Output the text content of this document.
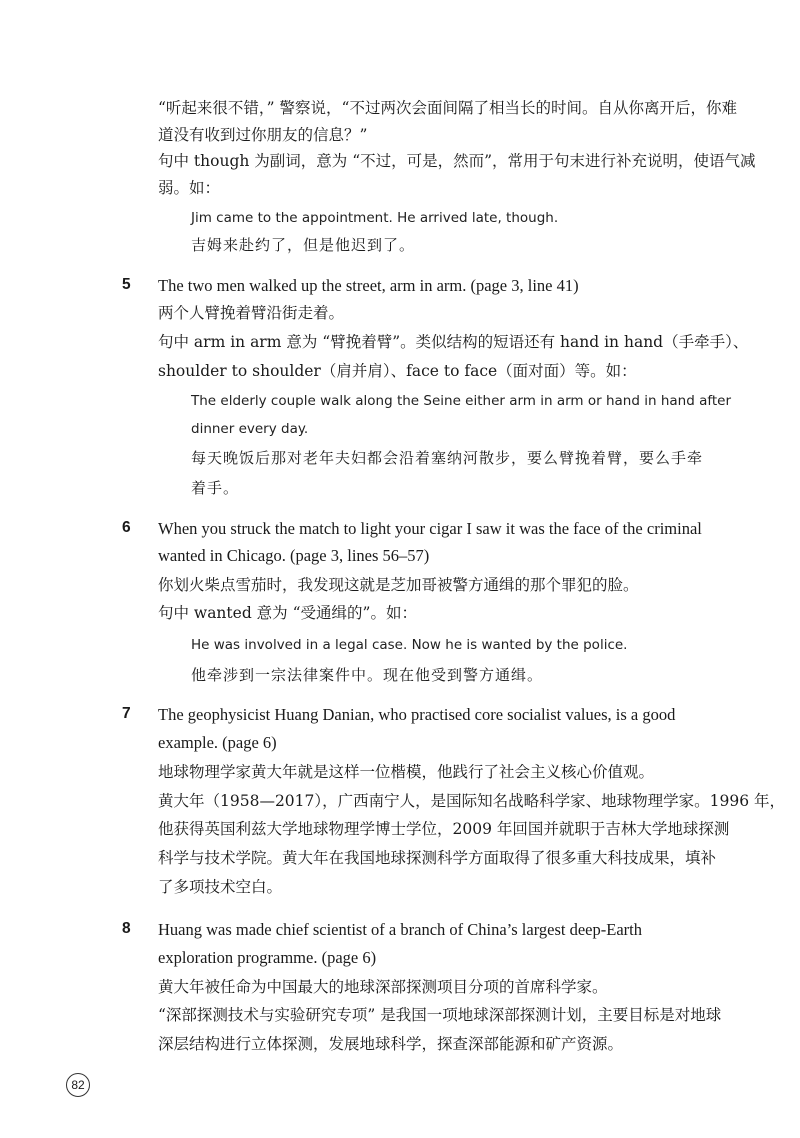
“听起来很不错，” 警察说，“不过两次会面间隔了相当长的时间。自从你离开后，你难

道没有收到过你朋友的信息？”

句中 though 为副词，意为 “不过，可是，然而”，常用于句末进行补充说明，使语气减

弱。如：

Jim came to the appointment. He arrived late, though.

吉姆来赴约了，但是他迟到了。

5 The two men walked up the street, arm in arm. (page 3, line 41)

两个人臂挽着臂沿街走着。

句中 arm in arm 意为 “臂挽着臂”。类似结构的短语还有 hand in hand（手牵手）、

shoulder to shoulder（肩并肩）、face to face（面对面）等。如：

The elderly couple walk along the Seine either arm in arm or hand in hand after

dinner every day.

每天晚饭后那对老年夫妇都会沿着塞纳河散步，要么臂挽着臂，要么手牵

着手。

6 When you struck the match to light your cigar I saw it was the face of the criminal

wanted in Chicago. (page 3, lines 56–57)

你划火柴点雪茄时，我发现这就是芝加哥被警方通缉的那个罪犯的脸。

句中 wanted 意为 “受通缉的”。如：

He was involved in a legal case. Now he is wanted by the police.

他牵涉到一宗法律案件中。现在他受到警方通缉。

7 The geophysicist Huang Danian, who practised core socialist values, is a good

example. (page 6)

地球物理学家黄大年就是这样一位楷模，他践行了社会主义核心价值观。

黄大年（1958—2017），广西南宁人，是国际知名战略科学家、地球物理学家。1996 年，

他获得英国利兹大学地球物理学博士学位，2009 年回国并就职于吉林大学地球探测

科学与技术学院。黄大年在我国地球探测科学方面取得了很多重大科技成果，填补

了多项技术空白。

8 Huang was made chief scientist of a branch of China’s largest deep-Earth

exploration programme. (page 6)

黄大年被任命为中国最大的地球深部探测项目分项的首席科学家。

“深部探测技术与实验研究专项” 是我国一项地球深部探测计划，主要目标是对地球

深层结构进行立体探测，发展地球科学，探查深部能源和矿产资源。

82
